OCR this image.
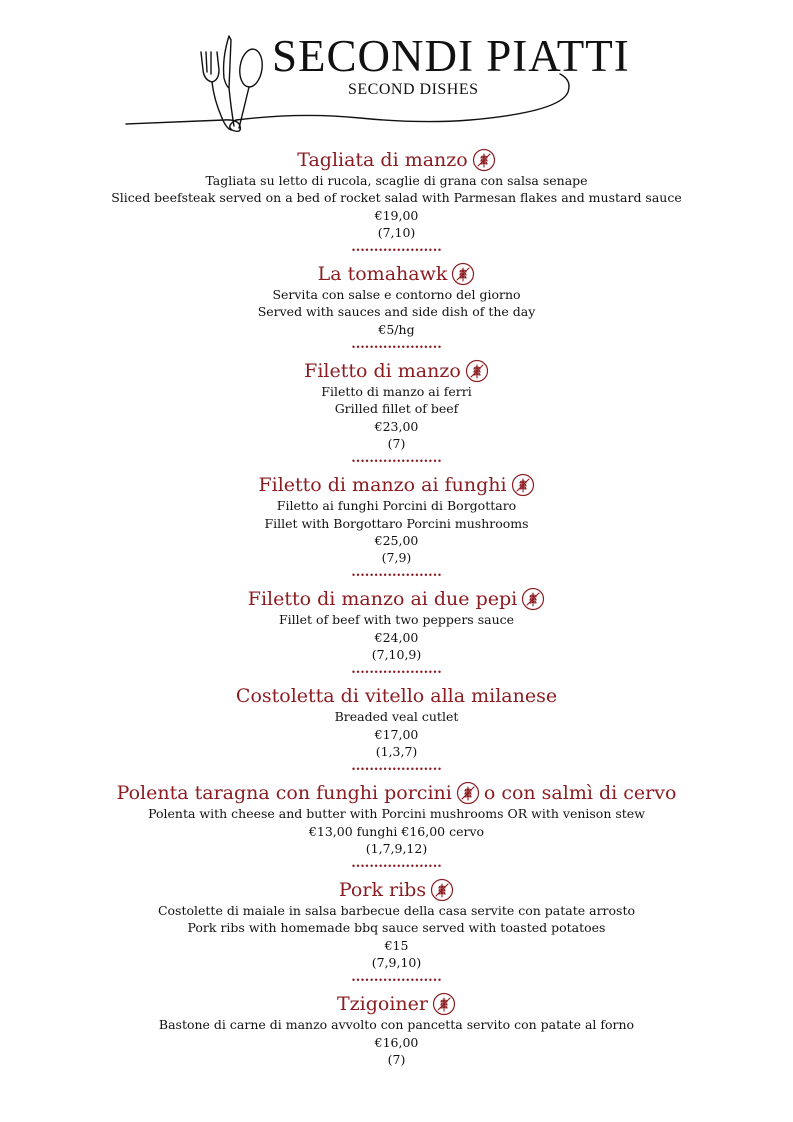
SECONDI PIATTI
SECOND DISHES
Tagliata di manzo
Tagliata su letto di rucola, scaglie di grana con salsa senape
Sliced beefsteak served on a bed of rocket salad with Parmesan flakes and mustard sauce
€19,00
(7,10)
....................
La tomahawk
Servita con salse e contorno del giorno
Served with sauces and side dish of the day
€5/hg
....................
Filetto di manzo
Filetto di manzo ai ferri
Grilled fillet of beef
€23,00
(7)
....................
Filetto di manzo ai funghi
Filetto ai funghi Porcini di Borgottaro
Fillet with Borgottaro Porcini mushrooms
€25,00
(7,9)
....................
Filetto di manzo ai due pepi
Fillet of beef with two peppers sauce
€24,00
(7,10,9)
....................
Costoletta di vitello alla milanese
Breaded veal cutlet
€17,00
(1,3,7)
....................
Polenta taragna con funghi porcini o con salmì di cervo
Polenta with cheese and butter with Porcini mushrooms OR with venison stew
€13,00 funghi €16,00 cervo
(1,7,9,12)
....................
Pork ribs
Costolette di maiale in salsa barbecue della casa servite con patate arrosto
Pork ribs with homemade bbq sauce served with toasted potatoes
€15
(7,9,10)
....................
Tzigoiner
Bastone di carne di manzo avvolto con pancetta servito con patate al forno
€16,00
(7)
